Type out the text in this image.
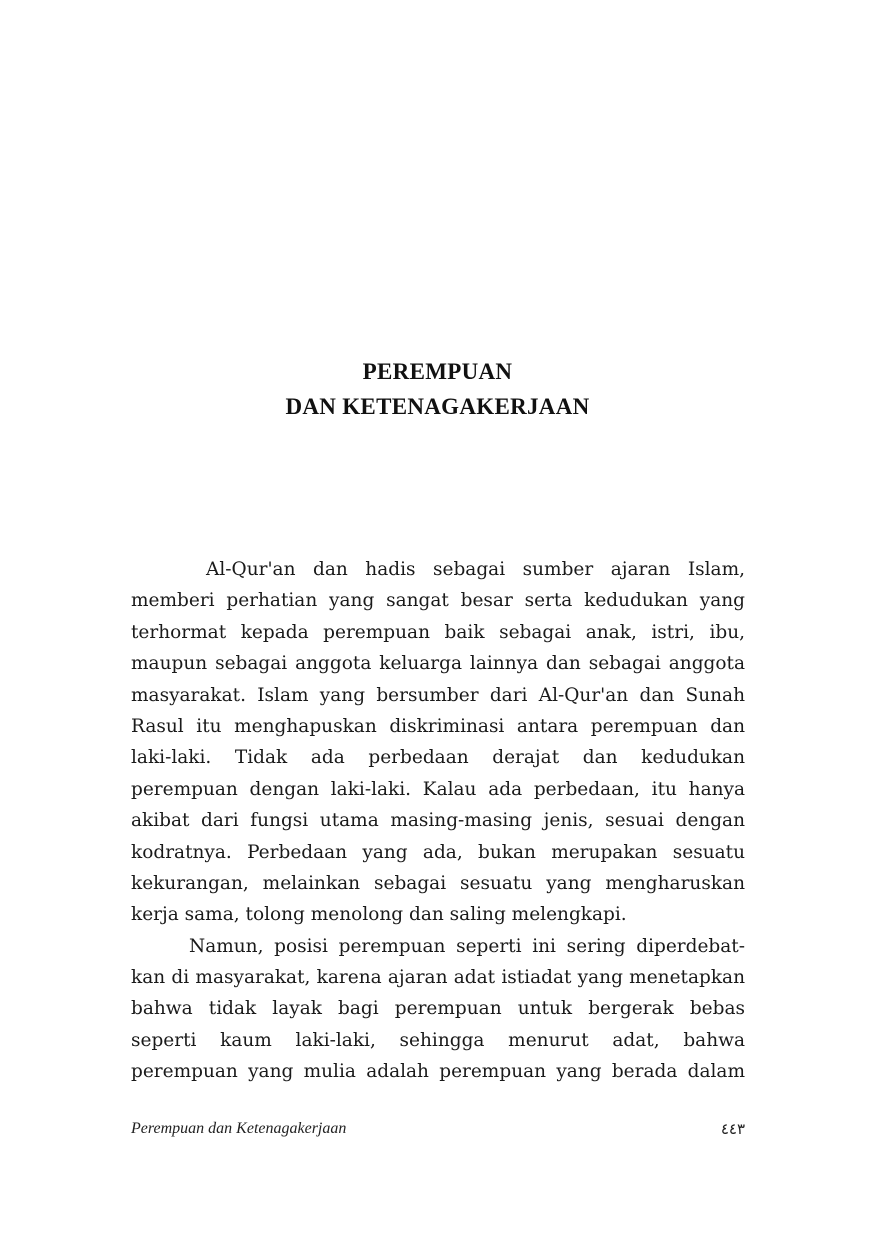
PEREMPUAN
DAN KETENAGAKERJAAN
Al-Qur'an dan hadis sebagai sumber ajaran Islam,
memberi perhatian yang sangat besar serta kedudukan yang
terhormat kepada perempuan baik sebagai anak, istri, ibu,
maupun sebagai anggota keluarga lainnya dan sebagai anggota
masyarakat. Islam yang bersumber dari Al-Qur'an dan Sunah
Rasul itu menghapuskan diskriminasi antara perempuan dan
laki-laki. Tidak ada perbedaan derajat dan kedudukan
perempuan dengan laki-laki. Kalau ada perbedaan, itu hanya
akibat dari fungsi utama masing-masing jenis, sesuai dengan
kodratnya. Perbedaan yang ada, bukan merupakan sesuatu
kekurangan, melainkan sebagai sesuatu yang mengharuskan
kerja sama, tolong menolong dan saling melengkapi.
Namun, posisi perempuan seperti ini sering diperdebat-
kan di masyarakat, karena ajaran adat istiadat yang menetapkan
bahwa tidak layak bagi perempuan untuk bergerak bebas
seperti kaum laki-laki, sehingga menurut adat, bahwa
perempuan yang mulia adalah perempuan yang berada dalam
Perempuan dan Ketenagakerjaan	٤٤٣
